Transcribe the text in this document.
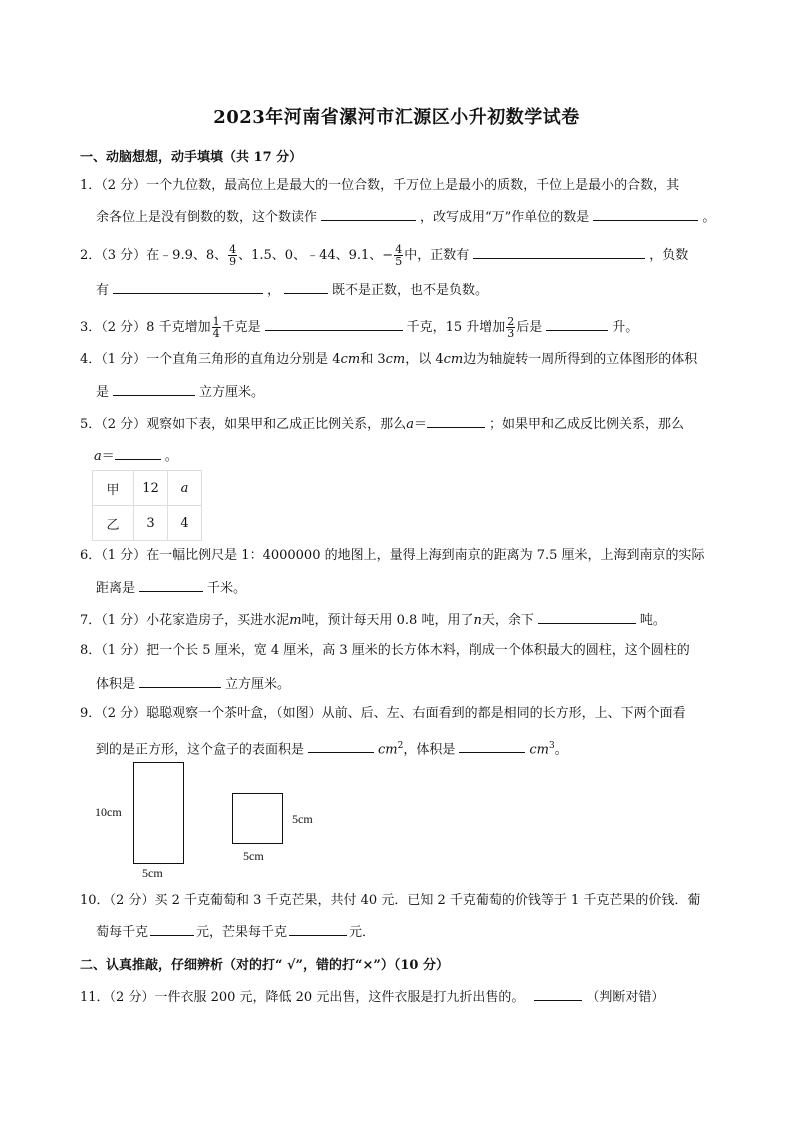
2023年河南省漯河市汇源区小升初数学试卷
一、动脑想想，动手填填（共 17 分）
1．（2 分）一个九位数，最高位上是最大的一位合数，千万位上是最小的质数，千位上是最小的合数，其
余各位上是没有倒数的数，这个数读作	，改写成用“万”作单位的数是	。
2．（3 分）在﹣9.9、8、 $\frac{4}{9}$ 、1.5、0、﹣44、9.1、− $\frac{4}{5}$ 中，正数有	，负数
有	，	既不是正数，也不是负数。
3．（2 分）8 千克增加 $\frac{1}{4}$ 千克是	千克，15 升增加 $\frac{2}{3}$ 后是	升。
4．（1 分）一个直角三角形的直角边分别是 4cm和 3cm，以 4cm边为轴旋转一周所得到的立体图形的体积
是	立方厘米。
5．（2 分）观察如下表，如果甲和乙成正比例关系，那么a＝	；如果甲和乙成反比例关系，那么
a＝	。
甲	12	a
乙	3	4
6．（1 分）在一幅比例尺是 1：4000000 的地图上，量得上海到南京的距离为 7.5 厘米，上海到南京的实际
距离是	千米。
7．（1 分）小花家造房子，买进水泥m吨，预计每天用 0.8 吨，用了n天，余下	吨。
8．（1 分）把一个长 5 厘米，宽 4 厘米，高 3 厘米的长方体木料，削成一个体积最大的圆柱，这个圆柱的
体积是	立方厘米。
9．（2 分）聪聪观察一个茶叶盒，（如图）从前、后、左、右面看到的都是相同的长方形，上、下两个面看
到的是正方形，这个盒子的表面积是	$cm^2$，体积是	$cm^3$。
10cm
5cm
5cm
5cm
10．（2 分）买 2 千克葡萄和 3 千克芒果，共付 40 元．已知 2 千克葡萄的价钱等于 1 千克芒果的价钱．葡
萄每千克	元，芒果每千克	元．
二、认真推敲，仔细辨析（对的打“ √”，错的打“×”）（10 分）
11．（2 分）一件衣服 200 元，降低 20 元出售，这件衣服是打九折出售的。	（判断对错）
